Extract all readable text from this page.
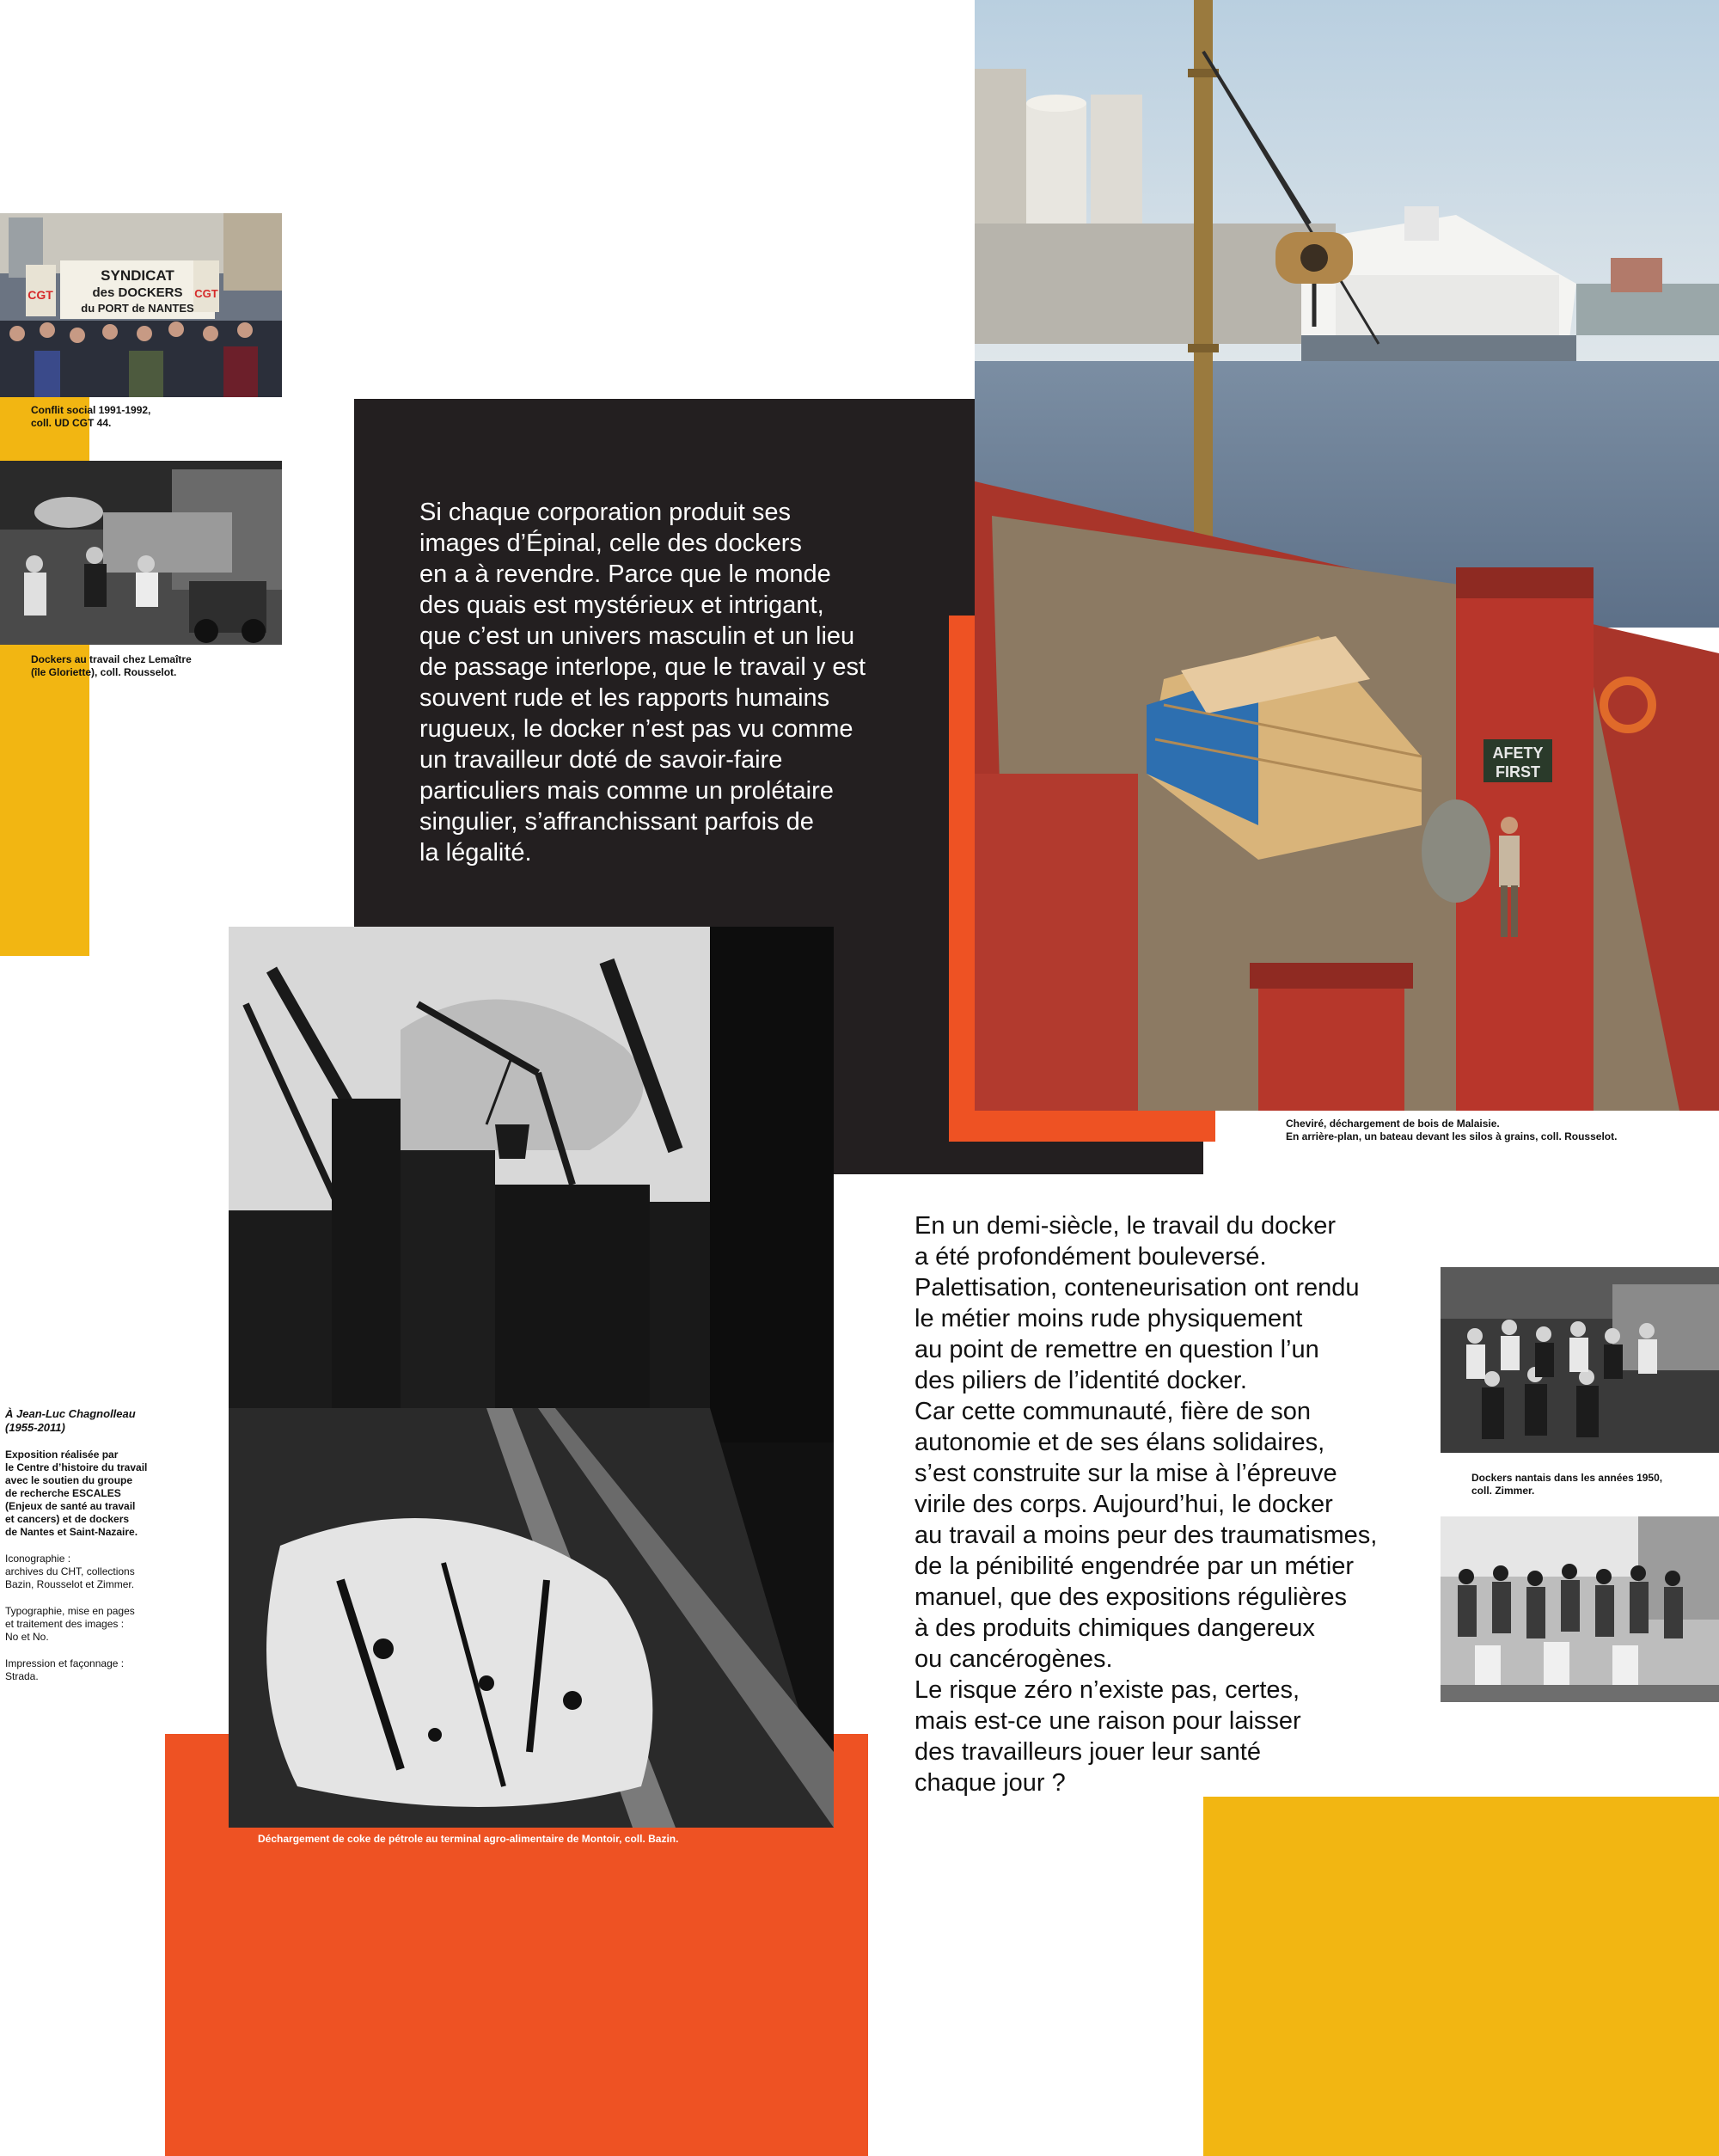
SYNDICAT
des DOCKERS
du PORT de NANTES
CGT	CGT
Conflit social 1991-1992,
coll. UD CGT 44.
Dockers au travail chez Lemaître
(île Gloriette), coll. Rousselot.
Si chaque corporation produit ses
images d’Épinal, celle des dockers
en a à revendre. Parce que le monde
des quais est mystérieux et intrigant,
que c’est un univers masculin et un lieu
de passage interlope, que le travail y est
souvent rude et les rapports humains
rugueux, le docker n’est pas vu comme
un travailleur doté de savoir-faire
particuliers mais comme un prolétaire
singulier, s’affranchissant parfois de
la légalité.
AFETY
FIRST
Cheviré, déchargement de bois de Malaisie.
En arrière-plan, un bateau devant les silos à grains, coll. Rousselot.
Déchargement de coke de pétrole au terminal agro-alimentaire de Montoir, coll. Bazin.
En un demi-siècle, le travail du docker
a été profondément bouleversé.
Palettisation, conteneurisation ont rendu
le métier moins rude physiquement
au point de remettre en question l’un
des piliers de l’identité docker.
Car cette communauté, fière de son
autonomie et de ses élans solidaires,
s’est construite sur la mise à l’épreuve
virile des corps. Aujourd’hui, le docker
au travail a moins peur des traumatismes,
de la pénibilité engendrée par un métier
manuel, que des expositions régulières
à des produits chimiques dangereux
ou cancérogènes.
Le risque zéro n’existe pas, certes,
mais est-ce une raison pour laisser
des travailleurs jouer leur santé
chaque jour ?
Dockers nantais dans les années 1950,
coll. Zimmer.

À Jean-Luc Chagnolleau
(1955-2011)

Exposition réalisée par
le Centre d’histoire du travail
avec le soutien du groupe
de recherche ESCALES
(Enjeux de santé au travail
et cancers) et de dockers
de Nantes et Saint-Nazaire.

Iconographie :
archives du CHT, collections
Bazin, Rousselot et Zimmer.

Typographie, mise en pages
et traitement des images :
No et No.

Impression et façonnage :
Strada.
